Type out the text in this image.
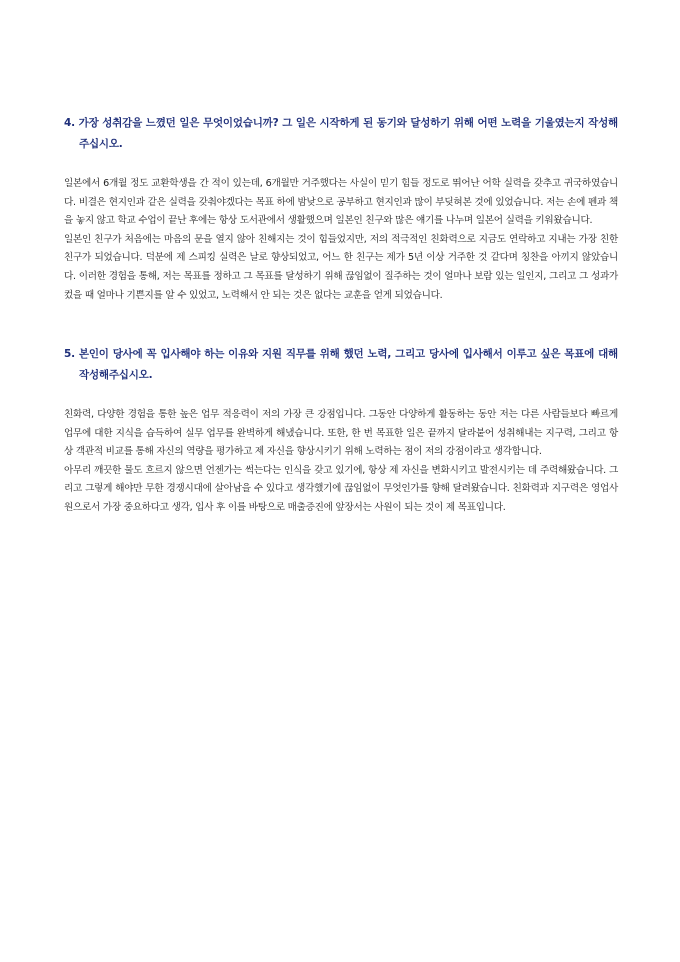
4. 가장 성취감을 느꼈던 일은 무엇이었습니까? 그 일은 시작하게 된 동기와 달성하기 위해 어떤 노력을 기울였는지 작성해 주십시오.

일본에서 6개월 정도 교환학생을 간 적이 있는데, 6개월만 거주했다는 사실이 믿기 힘들 정도로 뛰어난 어학 실력을 갖추고 귀국하였습니다. 비결은 현지인과 같은 실력을 갖춰야겠다는 목표 하에 밤낮으로 공부하고 현지인과 많이 부딪혀본 것에 있었습니다. 저는 손에 펜과 책을 놓지 않고 학교 수업이 끝난 후에는 항상 도서관에서 생활했으며 일본인 친구와 많은 얘기를 나누며 일본어 실력을 키워왔습니다.

일본인 친구가 처음에는 마음의 문을 열지 않아 친해지는 것이 힘들었지만, 저의 적극적인 친화력으로 지금도 연락하고 지내는 가장 친한 친구가 되었습니다. 덕분에 제 스피킹 실력은 날로 향상되었고, 어느 한 친구는 제가 5년 이상 거주한 것 같다며 칭찬을 아끼지 않았습니다. 이러한 경험을 통해, 저는 목표를 정하고 그 목표를 달성하기 위해 끊임없이 질주하는 것이 얼마나 보람 있는 일인지, 그리고 그 성과가 컸을 때 얼마나 기쁜지를 알 수 있었고, 노력해서 안 되는 것은 없다는 교훈을 얻게 되었습니다.

5. 본인이 당사에 꼭 입사해야 하는 이유와 지원 직무를 위해 했던 노력, 그리고 당사에 입사해서 이루고 싶은 목표에 대해 작성해주십시오.

친화력, 다양한 경험을 통한 높은 업무 적응력이 저의 가장 큰 강점입니다. 그동안 다양하게 활동하는 동안 저는 다른 사람들보다 빠르게 업무에 대한 지식을 습득하여 실무 업무를 완벽하게 해냈습니다. 또한, 한 번 목표한 일은 끝까지 달라붙어 성취해내는 지구력, 그리고 항상 객관적 비교를 통해 자신의 역량을 평가하고 제 자신을 향상시키기 위해 노력하는 점이 저의 강점이라고 생각합니다.

아무리 깨끗한 물도 흐르지 않으면 언젠가는 썩는다는 인식을 갖고 있기에, 항상 제 자신을 변화시키고 발전시키는 데 주력해왔습니다. 그리고 그렇게 해야만 무한 경쟁시대에 살아남을 수 있다고 생각했기에 끊임없이 무엇인가를 향해 달려왔습니다. 친화력과 지구력은 영업사원으로서 가장 중요하다고 생각, 입사 후 이를 바탕으로 매출증진에 앞장서는 사원이 되는 것이 제 목표입니다.
